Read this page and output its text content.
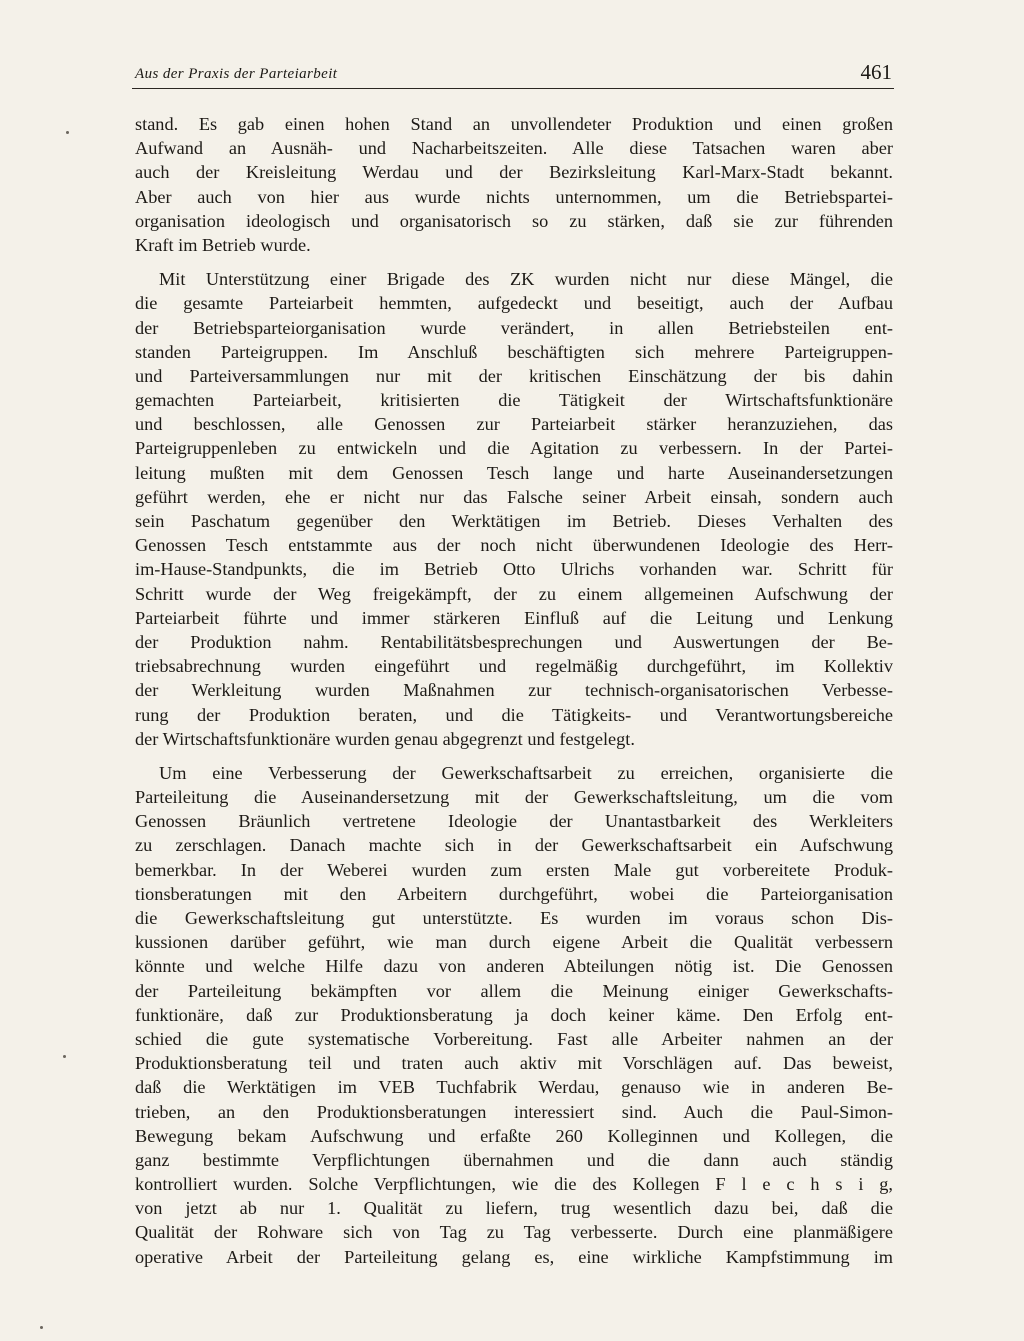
Aus der Praxis der Parteiarbeit	461
stand. Es gab einen hohen Stand an unvollendeter Produktion und einen großen
Aufwand an Ausnäh- und Nacharbeitszeiten. Alle diese Tatsachen waren aber
auch der Kreisleitung Werdau und der Bezirksleitung Karl-Marx-Stadt bekannt.
Aber auch von hier aus wurde nichts unternommen, um die Betriebspartei-
organisation ideologisch und organisatorisch so zu stärken, daß sie zur führenden
Kraft im Betrieb wurde.
Mit Unterstützung einer Brigade des ZK wurden nicht nur diese Mängel, die
die gesamte Parteiarbeit hemmten, aufgedeckt und beseitigt, auch der Aufbau
der Betriebsparteiorganisation wurde verändert, in allen Betriebsteilen ent-
standen Parteigruppen. Im Anschluß beschäftigten sich mehrere Parteigruppen-
und Parteiversammlungen nur mit der kritischen Einschätzung der bis dahin
gemachten Parteiarbeit, kritisierten die Tätigkeit der Wirtschaftsfunktionäre
und beschlossen, alle Genossen zur Parteiarbeit stärker heranzuziehen, das
Parteigruppenleben zu entwickeln und die Agitation zu verbessern. In der Partei-
leitung mußten mit dem Genossen Tesch lange und harte Auseinandersetzungen
geführt werden, ehe er nicht nur das Falsche seiner Arbeit einsah, sondern auch
sein Paschatum gegenüber den Werktätigen im Betrieb. Dieses Verhalten des
Genossen Tesch entstammte aus der noch nicht überwundenen Ideologie des Herr-
im-Hause-Standpunkts, die im Betrieb Otto Ulrichs vorhanden war. Schritt für
Schritt wurde der Weg freigekämpft, der zu einem allgemeinen Aufschwung der
Parteiarbeit führte und immer stärkeren Einfluß auf die Leitung und Lenkung
der Produktion nahm. Rentabilitätsbesprechungen und Auswertungen der Be-
triebsabrechnung wurden eingeführt und regelmäßig durchgeführt, im Kollektiv
der Werkleitung wurden Maßnahmen zur technisch-organisatorischen Verbesse-
rung der Produktion beraten, und die Tätigkeits- und Verantwortungsbereiche
der Wirtschaftsfunktionäre wurden genau abgegrenzt und festgelegt.
Um eine Verbesserung der Gewerkschaftsarbeit zu erreichen, organisierte die
Parteileitung die Auseinandersetzung mit der Gewerkschaftsleitung, um die vom
Genossen Bräunlich vertretene Ideologie der Unantastbarkeit des Werkleiters
zu zerschlagen. Danach machte sich in der Gewerkschaftsarbeit ein Aufschwung
bemerkbar. In der Weberei wurden zum ersten Male gut vorbereitete Produk-
tionsberatungen mit den Arbeitern durchgeführt, wobei die Parteiorganisation
die Gewerkschaftsleitung gut unterstützte. Es wurden im voraus schon Dis-
kussionen darüber geführt, wie man durch eigene Arbeit die Qualität verbessern
könnte und welche Hilfe dazu von anderen Abteilungen nötig ist. Die Genossen
der Parteileitung bekämpften vor allem die Meinung einiger Gewerkschafts-
funktionäre, daß zur Produktionsberatung ja doch keiner käme. Den Erfolg ent-
schied die gute systematische Vorbereitung. Fast alle Arbeiter nahmen an der
Produktionsberatung teil und traten auch aktiv mit Vorschlägen auf. Das beweist,
daß die Werktätigen im VEB Tuchfabrik Werdau, genauso wie in anderen Be-
trieben, an den Produktionsberatungen interessiert sind. Auch die Paul-Simon-
Bewegung bekam Aufschwung und erfaßte 260 Kolleginnen und Kollegen, die
ganz bestimmte Verpflichtungen übernahmen und die dann auch ständig
kontrolliert wurden. Solche Verpflichtungen, wie die des Kollegen F l e c h s i g,
von jetzt ab nur 1. Qualität zu liefern, trug wesentlich dazu bei, daß die
Qualität der Rohware sich von Tag zu Tag verbesserte. Durch eine planmäßigere
operative Arbeit der Parteileitung gelang es, eine wirkliche Kampfstimmung im
